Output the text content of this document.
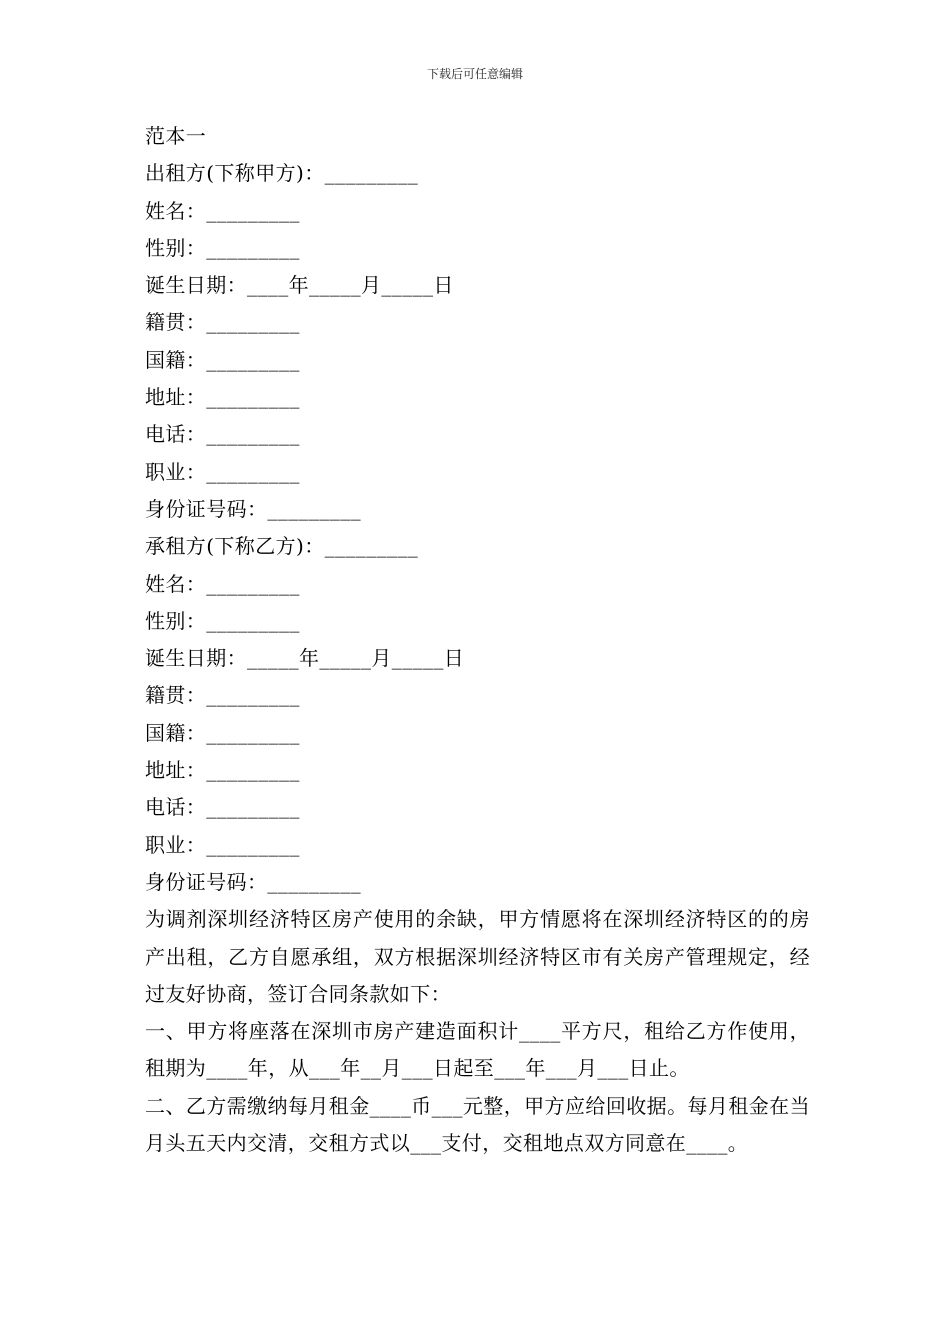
下载后可任意编辑
范本一
出租方(下称甲方)：_________
姓名：_________
性别：_________
诞生日期：____年_____月_____日
籍贯：_________
国籍：_________
地址：_________
电话：_________
职业：_________
身份证号码：_________
承租方(下称乙方)：_________
姓名：_________
性别：_________
诞生日期：_____年_____月_____日
籍贯：_________
国籍：_________
地址：_________
电话：_________
职业：_________
身份证号码：_________
为调剂深圳经济特区房产使用的余缺，甲方情愿将在深圳经济特区的的房产出租，乙方自愿承组，双方根据深圳经济特区市有关房产管理规定，经过友好协商，签订合同条款如下：
一、甲方将座落在深圳市房产建造面积计____平方尺，租给乙方作使用，租期为____年，从___年__月___日起至___年___月___日止。
二、乙方需缴纳每月租金____币___元整，甲方应给回收据。每月租金在当月头五天内交清，交租方式以___支付，交租地点双方同意在____。
